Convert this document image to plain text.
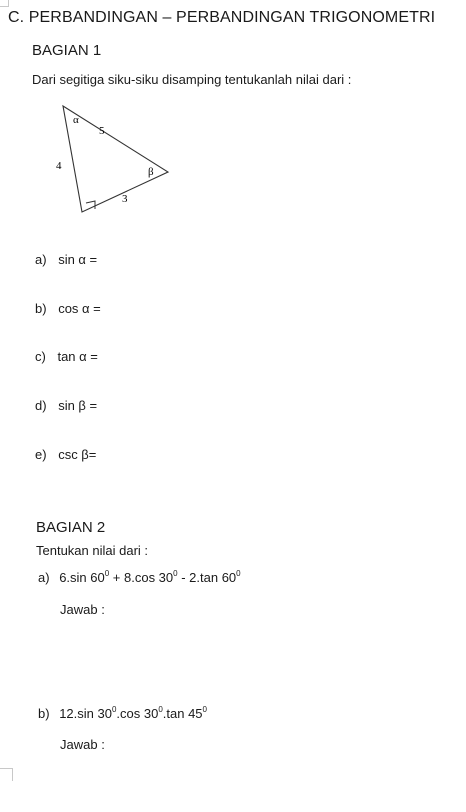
C. PERBANDINGAN – PERBANDINGAN TRIGONOMETRI
BAGIAN 1
Dari segitiga siku-siku disamping tentukanlah nilai dari :
α
β
5
4
3
a) sin α =
b) cos α =
c) tan α =
d) sin β =
e) csc β=
BAGIAN 2
Tentukan nilai dari :
a) 6.sin $60^0 + 8.\cos$ $30^0 - 2.\tan$ $60^0$
Jawab :
b) 12.sin $30^0.\cos$ $30^0.\tan$ $45^0$
Jawab :
